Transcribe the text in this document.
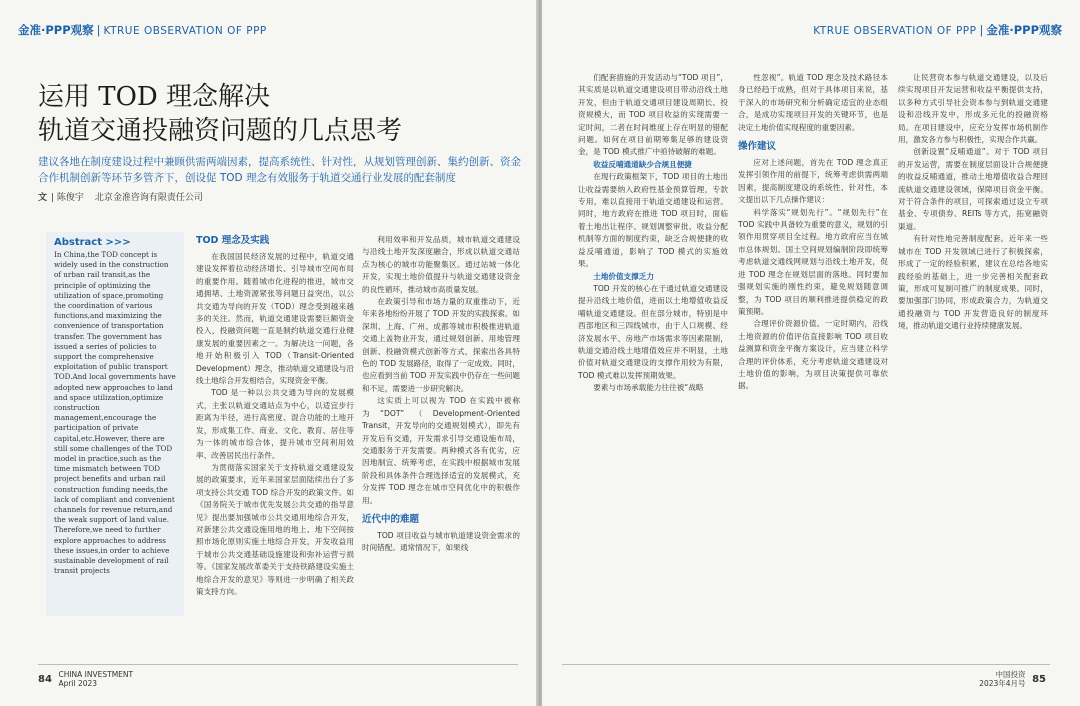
金准·PPP观察 | KTRUE OBSERVATION OF PPP
运用 TOD 理念解决
轨道交通投融资问题的几点思考
建议各地在制度建设过程中兼顾供需两端因素，提高系统性、针对性，从规划管理创新、集约创新、资金合作机制创新等环节多管齐下，创设促 TOD 理念有效服务于轨道交通行业发展的配套制度
文 | 陈俊宇 北京金准咨询有限责任公司
Abstract >>>
In China,the TOD concept is widely used in the construction of urban rail transit,as the principle of optimizing the utilization of space,promoting the coordination of various functions,and maximizing the convenience of transportation transfer. The government has issued a series of policies to support the comprehensive exploitation of public transport TOD.And local governments have adopted new approaches to land and space utilization,optimize construction management,encourage the participation of private capital,etc.However, there are still some challenges of the TOD model in practice,such as the time mismatch between TOD project benefits and urban rail construction funding needs,the lack of compliant and convenient channels for revenue return,and the weak support of land value. Therefore,we need to further explore approaches to address these issues,in order to achieve sustainable development of rail transit projects
TOD 理念及实践

在我国国民经济发展的过程中，轨道交通建设发挥着拉动经济增长、引导城市空间布局的重要作用。随着城市化进程的推进，城市交通拥堵、土地资源紧张等问题日益突出，以公共交通为导向的开发（TOD）理念受到越来越多的关注。然而，轨道交通建设需要巨额资金投入，投融资问题一直是制约轨道交通行业健康发展的重要因素之一。为解决这一问题，各地开始积极引入 TOD（Transit-Oriented Development）理念，推动轨道交通建设与沿线土地综合开发相结合，实现资金平衡。

TOD 是一种以公共交通为导向的发展模式，主张以轨道交通站点为中心，以适宜步行距离为半径，进行高密度、混合功能的土地开发，形成集工作、商业、文化、教育、居住等为一体的城市综合体，提升城市空间利用效率、改善居民出行条件。

为贯彻落实国家关于支持轨道交通建设发展的政策要求，近年来国家层面陆续出台了多项支持公共交通 TOD 综合开发的政策文件。如《国务院关于城市优先发展公共交通的指导意见》提出要加强城市公共交通用地综合开发，对新建公共交通设施用地的地上、地下空间按照市场化原则实施土地综合开发，开发收益用于城市公共交通基础设施建设和弥补运营亏损等。《国家发展改革委关于支持铁路建设实施土地综合开发的意见》等则进一步明确了相关政策支持方向。

利用效率和开发品质，城市轨道交通建设与沿线土地开发深度融合，形成以轨道交通站点为核心的城市功能聚集区。通过站城一体化开发，实现土地价值提升与轨道交通建设资金的良性循环，推动城市高质量发展。

在政策引导和市场力量的双重推动下，近年来各地纷纷开展了 TOD 开发的实践探索。如深圳、上海、广州、成都等城市积极推进轨道交通上盖物业开发，通过规划创新、用地管理创新、投融资模式创新等方式，探索出各具特色的 TOD 发展路径，取得了一定成效。同时，也应看到当前 TOD 开发实践中仍存在一些问题和不足，需要进一步研究解决。

这实质上可以视为 TOD 在实践中被称为“DOT”（Development-Oriented Transit，开发导向的交通规划模式），即先有开发后有交通，开发需求引导交通设施布局，交通服务于开发需要。两种模式各有优劣，应因地制宜、统筹考虑，在实践中根据城市发展阶段和具体条件合理选择适宜的发展模式，充分发挥 TOD 理念在城市空间优化中的积极作用。

近代中的难题

TOD 项目收益与城市轨道建设资金需求的时间错配。通常情况下，如果线

84 CHINA INVESTMENT
April 2023
KTRUE OBSERVATION OF PPP | 金准·PPP观察

们配套措施的开发活动与“TOD 项目”，其实质是以轨道交通建设项目带动沿线土地开发，但由于轨道交通项目建设周期长、投资规模大，而 TOD 项目收益的实现需要一定时间，二者在时间维度上存在明显的错配问题。如何在项目前期筹集足够的建设资金，是 TOD 模式推广中亟待破解的难题。

收益反哺通道缺少合规且便捷

在现行政策框架下，TOD 项目的土地出让收益需要纳入政府性基金预算管理，专款专用，难以直接用于轨道交通建设和运营。同时，地方政府在推进 TOD 项目时，面临着土地出让程序、规划调整审批、收益分配机制等方面的制度约束，缺乏合规便捷的收益反哺通道，影响了 TOD 模式的实施效果。

土地价值支撑乏力

TOD 开发的核心在于通过轨道交通建设提升沿线土地价值，进而以土地增值收益反哺轨道交通建设。但在部分城市，特别是中西部地区和三四线城市，由于人口规模、经济发展水平、房地产市场需求等因素限制，轨道交通沿线土地增值效应并不明显，土地价值对轨道交通建设的支撑作用较为有限，TOD 模式难以发挥预期效果。

要素与市场承载能力往往被“战略

性忽视”。轨道 TOD 理念及技术路径本身已经趋于成熟，但对于具体项目来说，基于深入的市场研究和分析确定适宜的业态组合，是成功实现项目开发的关键环节，也是决定土地价值实现程度的重要因素。

操作建议

应对上述问题，首先在 TOD 理念真正发挥引领作用的前提下，统筹考虑供需两端因素，提高制度建设的系统性、针对性，本文提出以下几点操作建议：

科学落实“规划先行”。“规划先行”在 TOD 实践中具备较为重要的意义，规划的引领作用贯穿项目全过程。地方政府应当在城市总体规划、国土空间规划编制阶段即统筹考虑轨道交通线网规划与沿线土地开发，促进 TOD 理念在规划层面的落地。同时要加强规划实施的刚性约束，避免规划随意调整，为 TOD 项目的顺利推进提供稳定的政策预期。

合理评价资源价值。一定时期内，沿线土地资源的价值评估直接影响 TOD 项目收益测算和资金平衡方案设计，应当建立科学合理的评价体系，充分考虑轨道交通建设对土地价值的影响，为项目决策提供可靠依据。

让民营资本参与轨道交通建设，以及后续实现项目开发运营和收益平衡提供支持，以多种方式引导社会资本参与到轨道交通建设和沿线开发中，形成多元化的投融资格局。在项目建设中，应充分发挥市场机制作用，激发各方参与积极性，实现合作共赢。

创新设置“反哺通道”。对于 TOD 项目的开发运营，需要在制度层面设计合规便捷的收益反哺通道，推动土地增值收益合理回流轨道交通建设领域，保障项目资金平衡。对于符合条件的项目，可探索通过设立专项基金、专项债券、REITs 等方式，拓宽融资渠道。

有针对性地完善制度配套。近年来一些城市在 TOD 开发领域已进行了积极探索，形成了一定的经验积累，建议在总结各地实践经验的基础上，进一步完善相关配套政策，形成可复制可推广的制度成果。同时，要加强部门协同，形成政策合力，为轨道交通投融资与 TOD 开发营造良好的制度环境，推动轨道交通行业持续健康发展。

中国投资
2023年4月号 85
